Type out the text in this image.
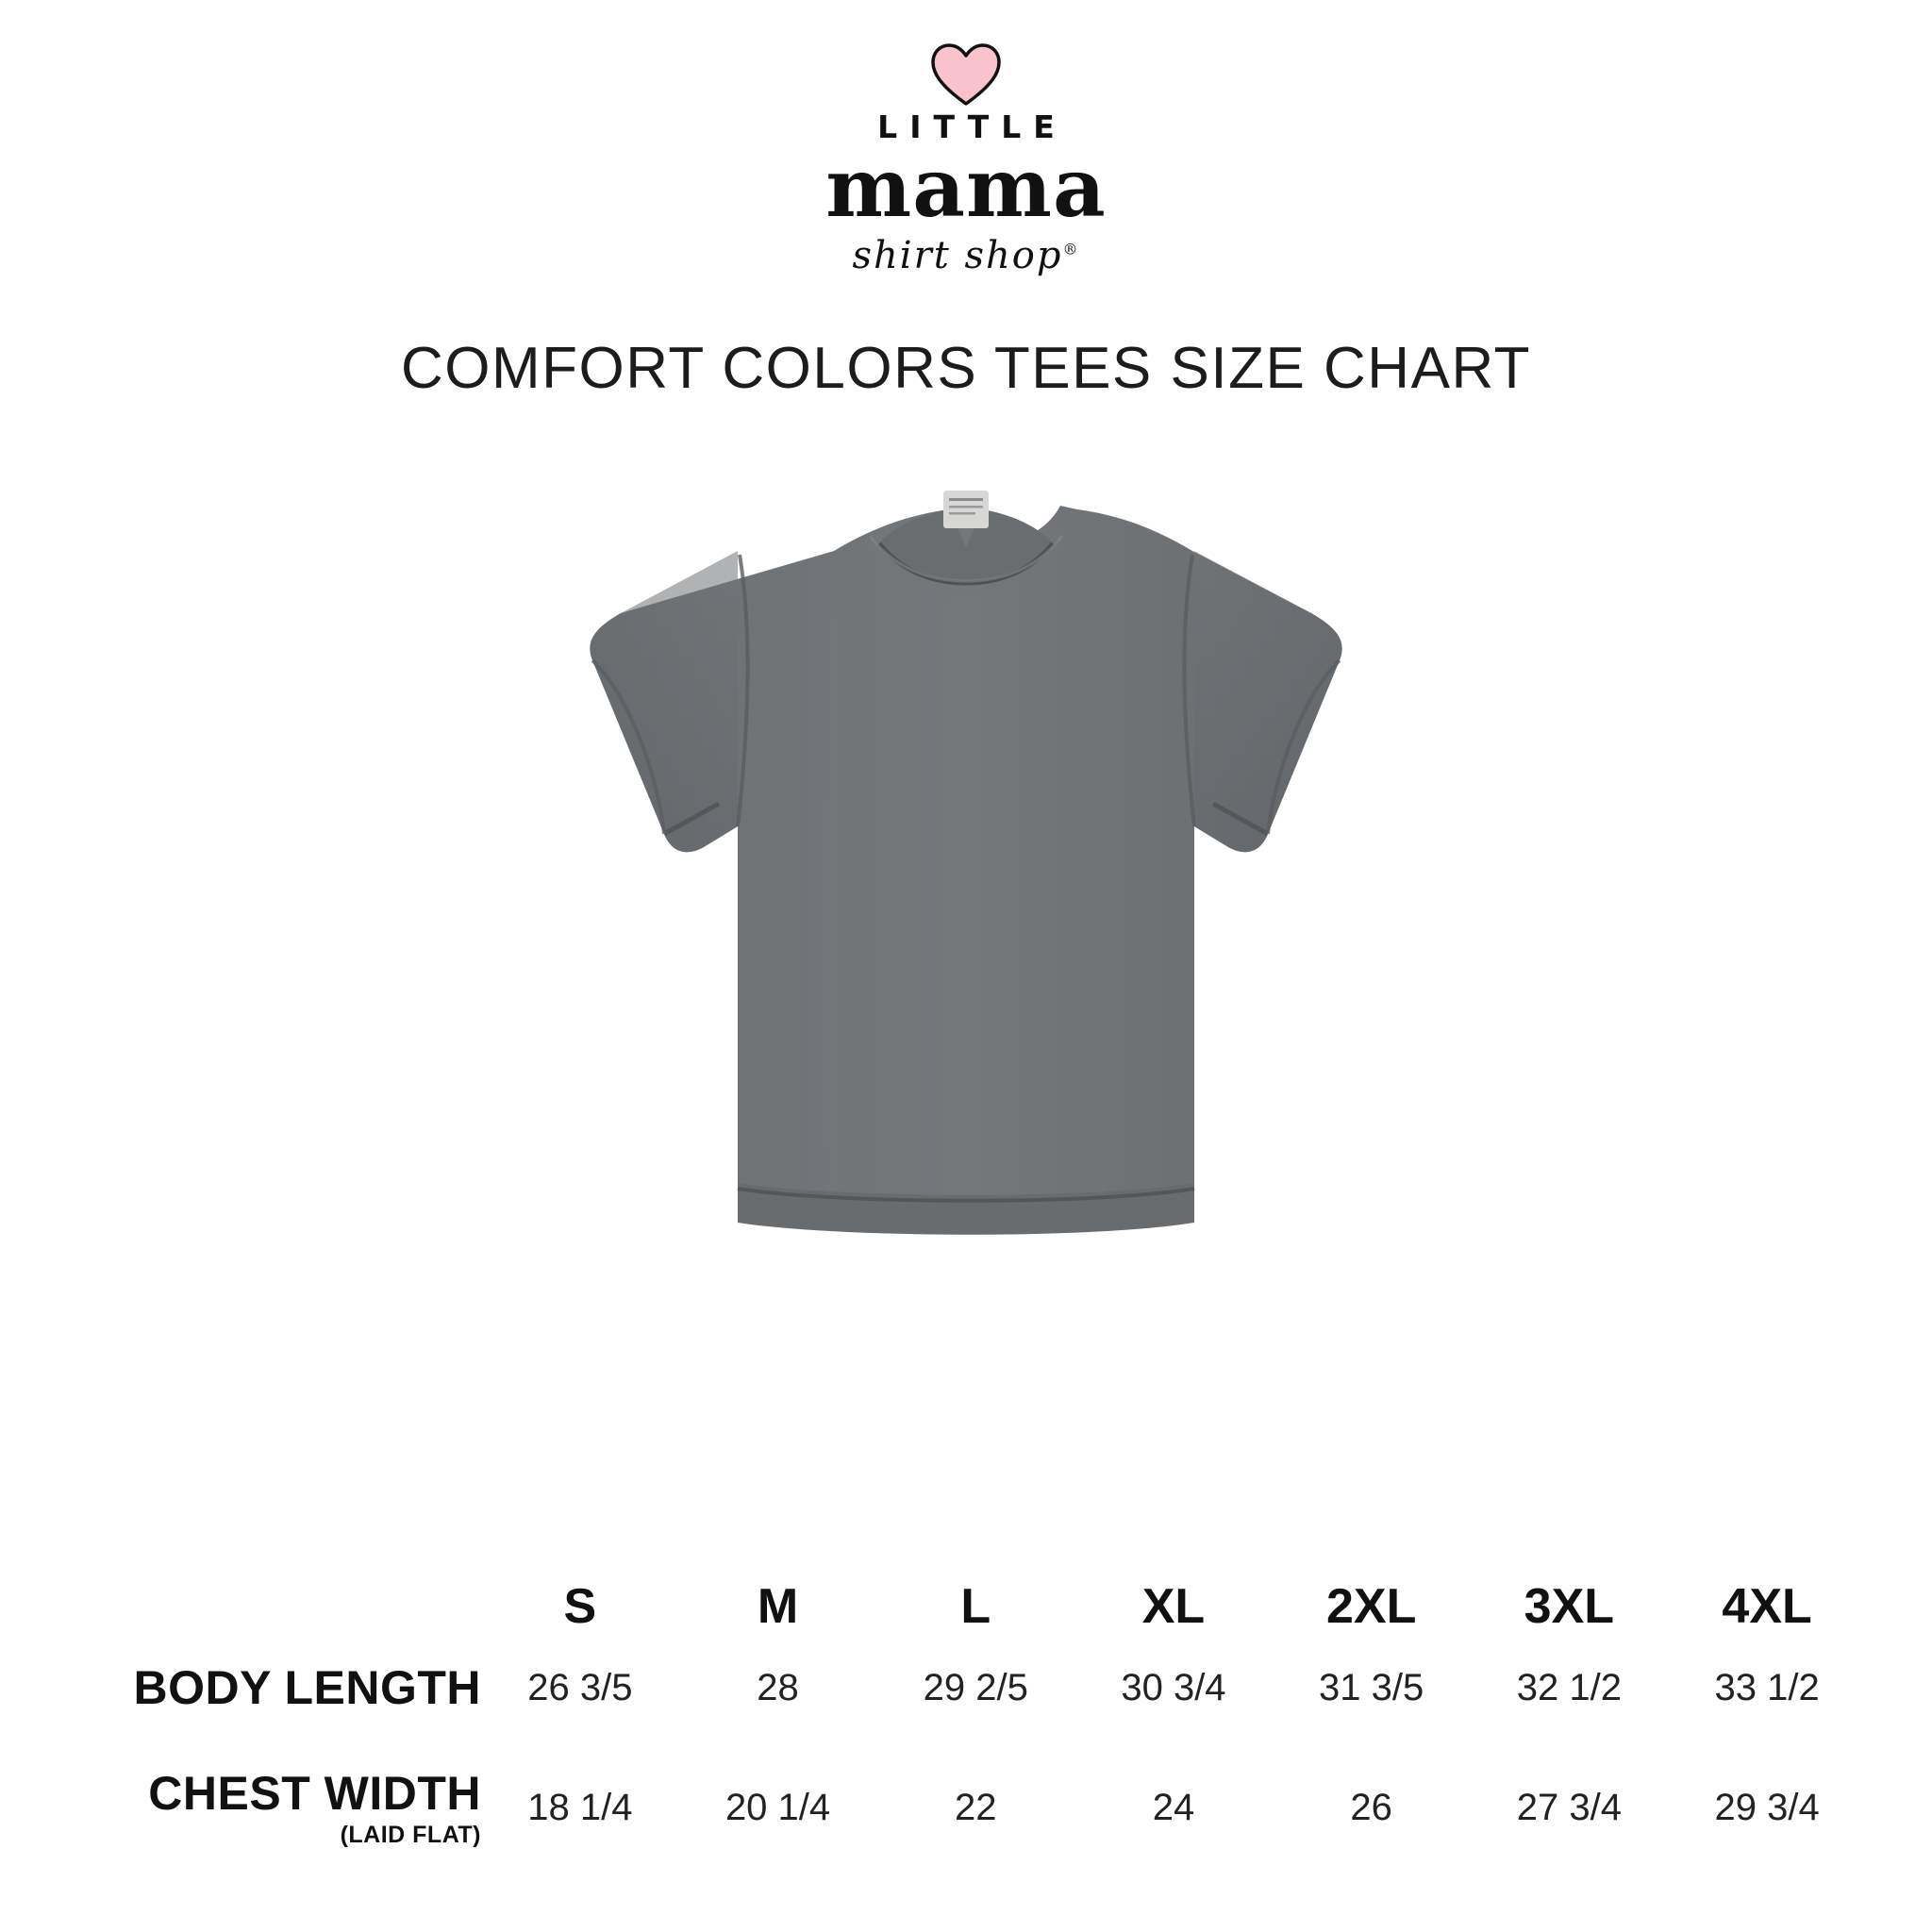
LITTLE
mama
shirt shop®
COMFORT COLORS TEES SIZE CHART
	S	M	L	XL	2XL	3XL	4XL
BODY LENGTH	26 3/5	28	29 2/5	30 3/4	31 3/5	32 1/2	33 1/2
CHEST WIDTH
(LAID FLAT)	18 1/4	20 1/4	22	24	26	27 3/4	29 3/4
